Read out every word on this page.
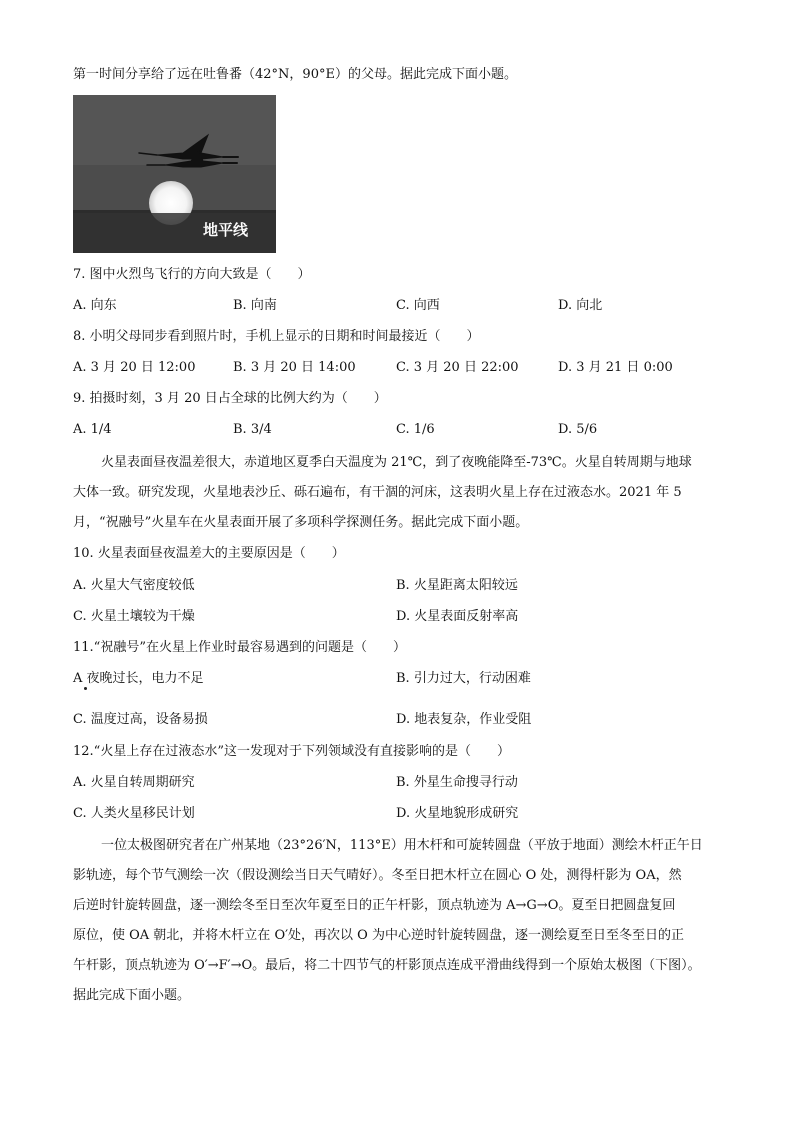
第一时间分享给了远在吐鲁番（42°N，90°E）的父母。据此完成下面小题。
地平线
7. 图中火烈鸟飞行的方向大致是（　　）
A. 向东	B. 向南	C. 向西	D. 向北
8. 小明父母同步看到照片时，手机上显示的日期和时间最接近（　　）
A. 3 月 20 日 12:00	B. 3 月 20 日 14:00	C. 3 月 20 日 22:00	D. 3 月 21 日 0:00
9. 拍摄时刻，3 月 20 日占全球的比例大约为（　　）
A. 1/4	B. 3/4	C. 1/6	D. 5/6
火星表面昼夜温差很大，赤道地区夏季白天温度为 21℃，到了夜晚能降至-73℃。火星自转周期与地球
大体一致。研究发现，火星地表沙丘、砾石遍布，有干涸的河床，这表明火星上存在过液态水。2021 年 5
月，“祝融号”火星车在火星表面开展了多项科学探测任务。据此完成下面小题。
10. 火星表面昼夜温差大的主要原因是（　　）
A. 火星大气密度较低	B. 火星距离太阳较远
C. 火星土壤较为干燥	D. 火星表面反射率高
11.“祝融号”在火星上作业时最容易遇到的问题是（　　）
A 夜晚过长，电力不足	B. 引力过大，行动困难
C. 温度过高，设备易损	D. 地表复杂，作业受阻
12.“火星上存在过液态水”这一发现对于下列领域没有直接影响的是（　　）
A. 火星自转周期研究	B. 外星生命搜寻行动
C. 人类火星移民计划	D. 火星地貌形成研究
一位太极图研究者在广州某地（23°26′N，113°E）用木杆和可旋转圆盘（平放于地面）测绘木杆正午日
影轨迹，每个节气测绘一次（假设测绘当日天气晴好）。冬至日把木杆立在圆心 O 处，测得杆影为 OA，然
后逆时针旋转圆盘，逐一测绘冬至日至次年夏至日的正午杆影，顶点轨迹为 A→G→O。夏至日把圆盘复回
原位，使 OA 朝北，并将木杆立在 O′处，再次以 O 为中心逆时针旋转圆盘，逐一测绘夏至日至冬至日的正
午杆影，顶点轨迹为 O′→F′→O。最后，将二十四节气的杆影顶点连成平滑曲线得到一个原始太极图（下图）。
据此完成下面小题。
